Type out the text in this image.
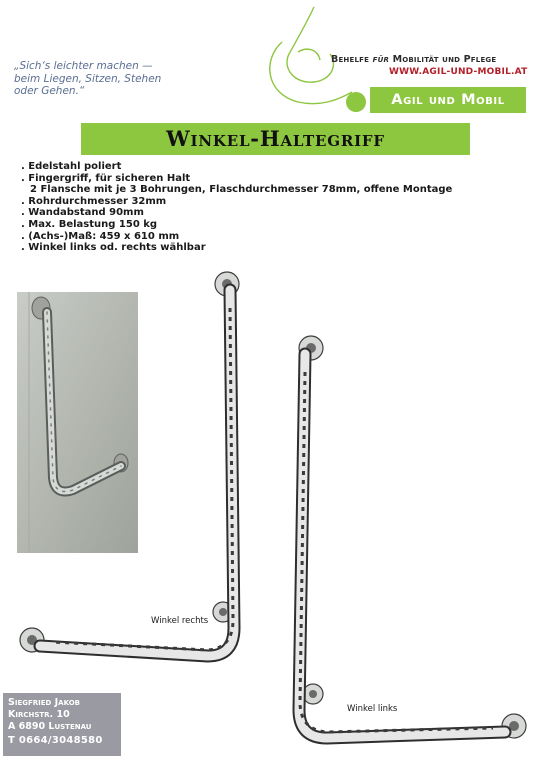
„Sich‘s leichter machen —
beim Liegen, Sitzen, Stehen
oder Gehen.“
Behelfe für Mobilität und Pflege
WWW.AGIL-UND-MOBIL.AT
Agil und Mobil
Winkel-Haltegriff
. Edelstahl poliert
. Fingergriff, für sicheren Halt
2 Flansche mit je 3 Bohrungen, Flaschdurchmesser 78mm, offene Montage
. Rohrdurchmesser 32mm
. Wandabstand 90mm
. Max. Belastung 150 kg
. (Achs-)Maß: 459 x 610 mm
. Winkel links od. rechts wählbar
Winkel rechts
Winkel links
Siegfried Jakob
Kirchstr. 10
A 6890 Lustenau
T 0664/3048580
